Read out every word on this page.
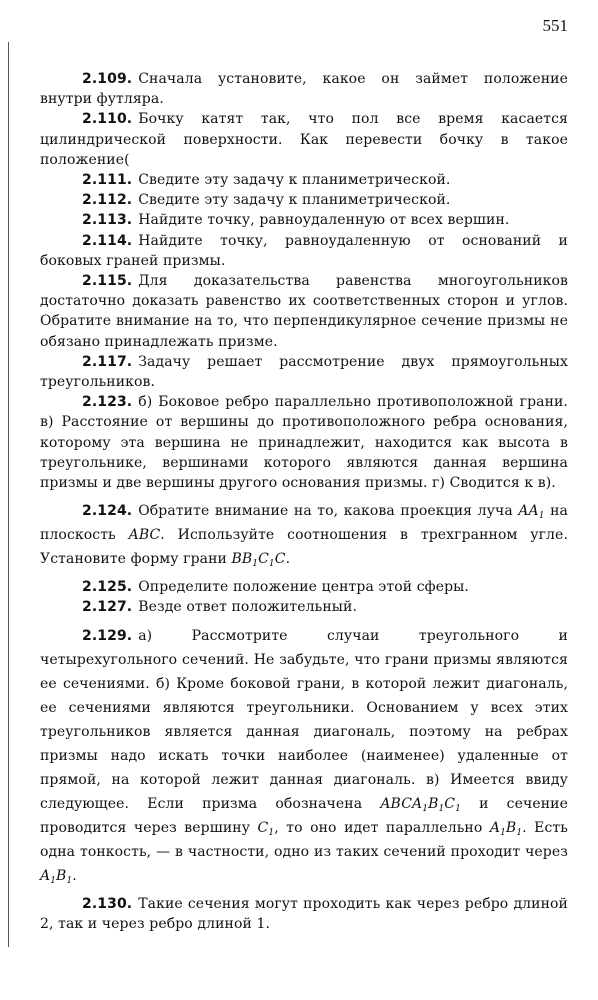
551

2.109. Сначала установите, какое он займет положение внутри футляра.

2.110. Бочку катят так, что пол все время касается цилиндрической поверхности. Как перевести бочку в такое положение(

2.111. Сведите эту задачу к планиметрической.

2.112. Сведите эту задачу к планиметрической.

2.113. Найдите точку, равноудаленную от всех вершин.

2.114. Найдите точку, равноудаленную от оснований и боковых граней призмы.

2.115. Для доказательства равенства многоугольников достаточно доказать равенство их соответственных сторон и углов. Обратите внимание на то, что перпендикулярное сечение призмы не обязано принадлежать призме.

2.117. Задачу решает рассмотрение двух прямоугольных треугольников.

2.123. б) Боковое ребро параллельно противоположной грани. в) Расстояние от вершины до противоположного ребра основания, которому эта вершина не принадлежит, находится как высота в треугольнике, вершинами которого являются данная вершина призмы и две вершины другого основания призмы. г) Сводится к в).

2.124. Обратите внимание на то, какова проекция луча $AA_1$ на плоскость ABC. Используйте соотношения в трехгранном угле. Установите форму грани $BB_1C_1C$.

2.125. Определите положение центра этой сферы.

2.127. Везде ответ положительный.

2.129. а) Рассмотрите случаи треугольного и четырехугольного сечений. Не забудьте, что грани призмы являются ее сечениями. б) Кроме боковой грани, в которой лежит диагональ, ее сечениями являются треугольники. Основанием у всех этих треугольников является данная диагональ, поэтому на ребрах призмы надо искать точки наиболее (наименее) удаленные от прямой, на которой лежит данная диагональ. в) Имеется ввиду следующее. Если призма обозначена $ABCA_1B_1C_1$ и сечение проводится через вершину $C_1$, то оно идет параллельно $A_1B_1$. Есть одна тонкость, — в частности, одно из таких сечений проходит через $A_1B_1$.

2.130. Такие сечения могут проходить как через ребро длиной 2, так и через ребро длиной 1.
